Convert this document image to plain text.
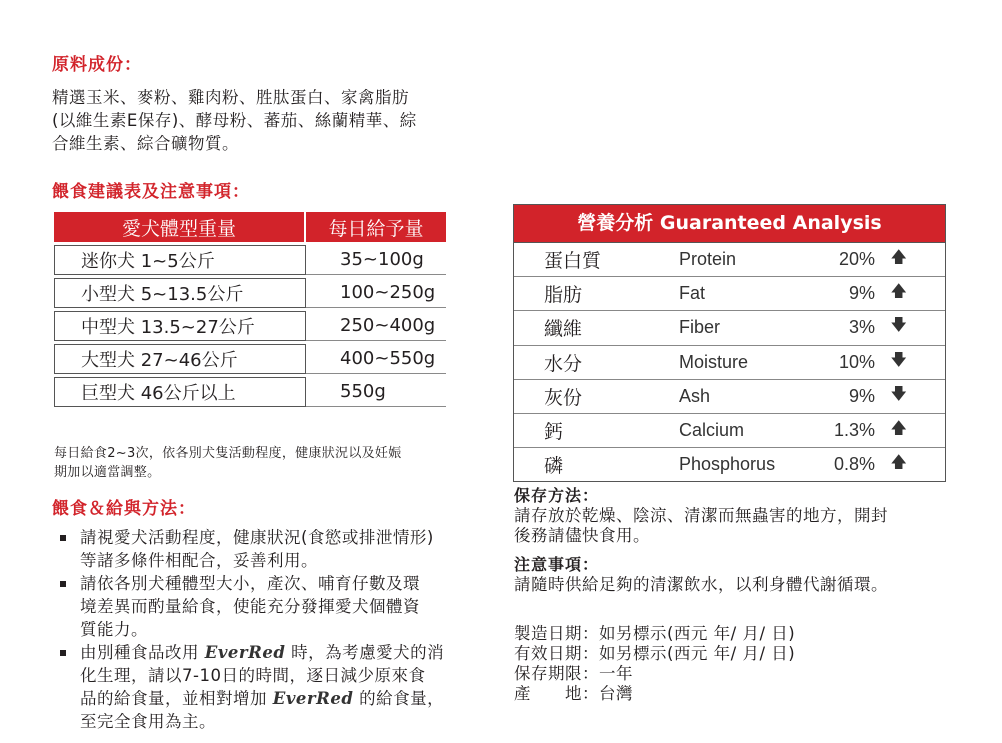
原料成份：
精選玉米、麥粉、雞肉粉、胜肽蛋白、家禽脂肪
(以維生素E保存)、酵母粉、蕃茄、絲蘭精華、綜
合維生素、綜合礦物質。
餵食建議表及注意事項：
愛犬體型重量	每日給予量
迷你犬 1~5公斤	35~100g
小型犬 5~13.5公斤	100~250g
中型犬 13.5~27公斤	250~400g
大型犬 27~46公斤	400~550g
巨型犬 46公斤以上	550g
每日給食2~3次，依各別犬隻活動程度，健康狀況以及妊娠
期加以適當調整。
餵食＆給與方法：
請視愛犬活動程度，健康狀況(食慾或排泄情形)
等諸多條件相配合，妥善利用。
請依各別犬種體型大小，產次、哺育仔數及環
境差異而酌量給食，使能充分發揮愛犬個體資
質能力。
由別種食品改用 EverRed 時，為考慮愛犬的消
化生理，請以7-10日的時間，逐日減少原來食
品的給食量，並相對增加 EverRed 的給食量，
至完全食用為主。
營養分析 Guaranteed Analysis
蛋白質	Protein	20% 🡅
脂肪	Fat	9% 🡅
纖維	Fiber	3% 🡇
水分	Moisture	10% 🡇
灰份	Ash	9% 🡇
鈣	Calcium	1.3% 🡅
磷	Phosphorus	0.8% 🡅
保存方法：
請存放於乾燥、陰涼、清潔而無蟲害的地方，開封
後務請儘快食用。
注意事項：
請隨時供給足夠的清潔飲水，以利身體代謝循環。
製造日期：如另標示(西元 年/ 月/ 日)
有效日期：如另標示(西元 年/ 月/ 日)
保存期限：一年
產　　地：台灣
